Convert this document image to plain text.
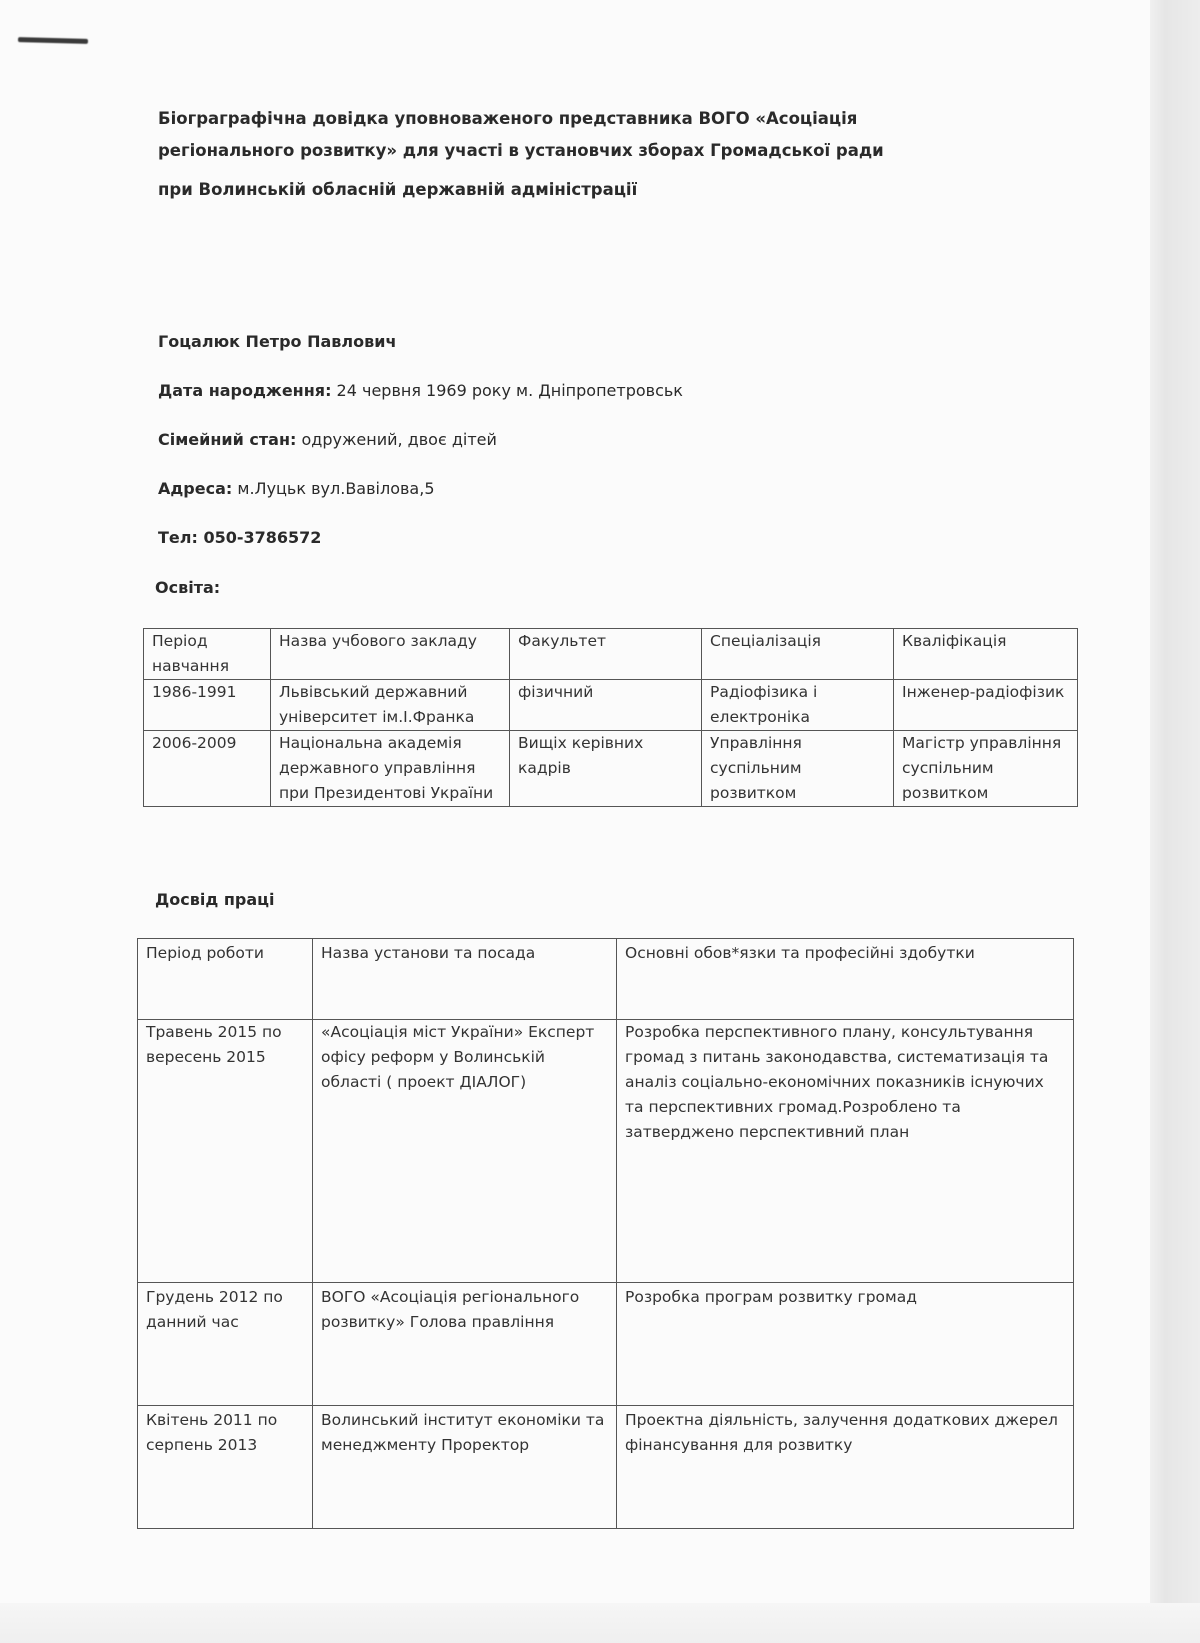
Біограграфічна довідка уповноваженого представника ВОГО «Асоціація регіонального розвитку» для участі в установчих зборах Громадської ради
при Волинській обласній державній адміністрації
Гоцалюк Петро Павлович
Дата народження: 24 червня 1969 року м. Дніпропетровськ
Сімейний стан: одружений, двоє дітей
Адреса: м.Луцьк вул.Вавілова,5
Тел: 050-3786572
Освіта:
Період навчання	Назва учбового закладу	Факультет	Спеціалізація	Кваліфікація
1986-1991	Львівський державний університет ім.І.Франка	фізичний	Радіофізика і електроніка	Інженер-радіофізик
2006-2009	Національна академія державного управління при Президентові України	Вищіх керівних кадрів	Управління суспільним розвитком	Магістр управління суспільним розвитком
Досвід праці
Період роботи	Назва установи та посада	Основні обов*язки та професійні здобутки
Травень 2015 по вересень 2015	«Асоціація міст України» Експерт офісу реформ у Волинській області ( проект ДІАЛОГ)	Розробка перспективного плану, консультування громад з питань законодавства, систематизація та аналіз соціально-економічних показників існуючих та перспективних громад.Розроблено та затверджено перспективний план
Грудень 2012 по данний час	ВОГО «Асоціація регіонального розвитку» Голова правління	Розробка програм розвитку громад
Квітень 2011 по серпень 2013	Волинський інститут економіки та менеджменту Проректор	Проектна діяльність, залучення додаткових джерел фінансування для розвитку
